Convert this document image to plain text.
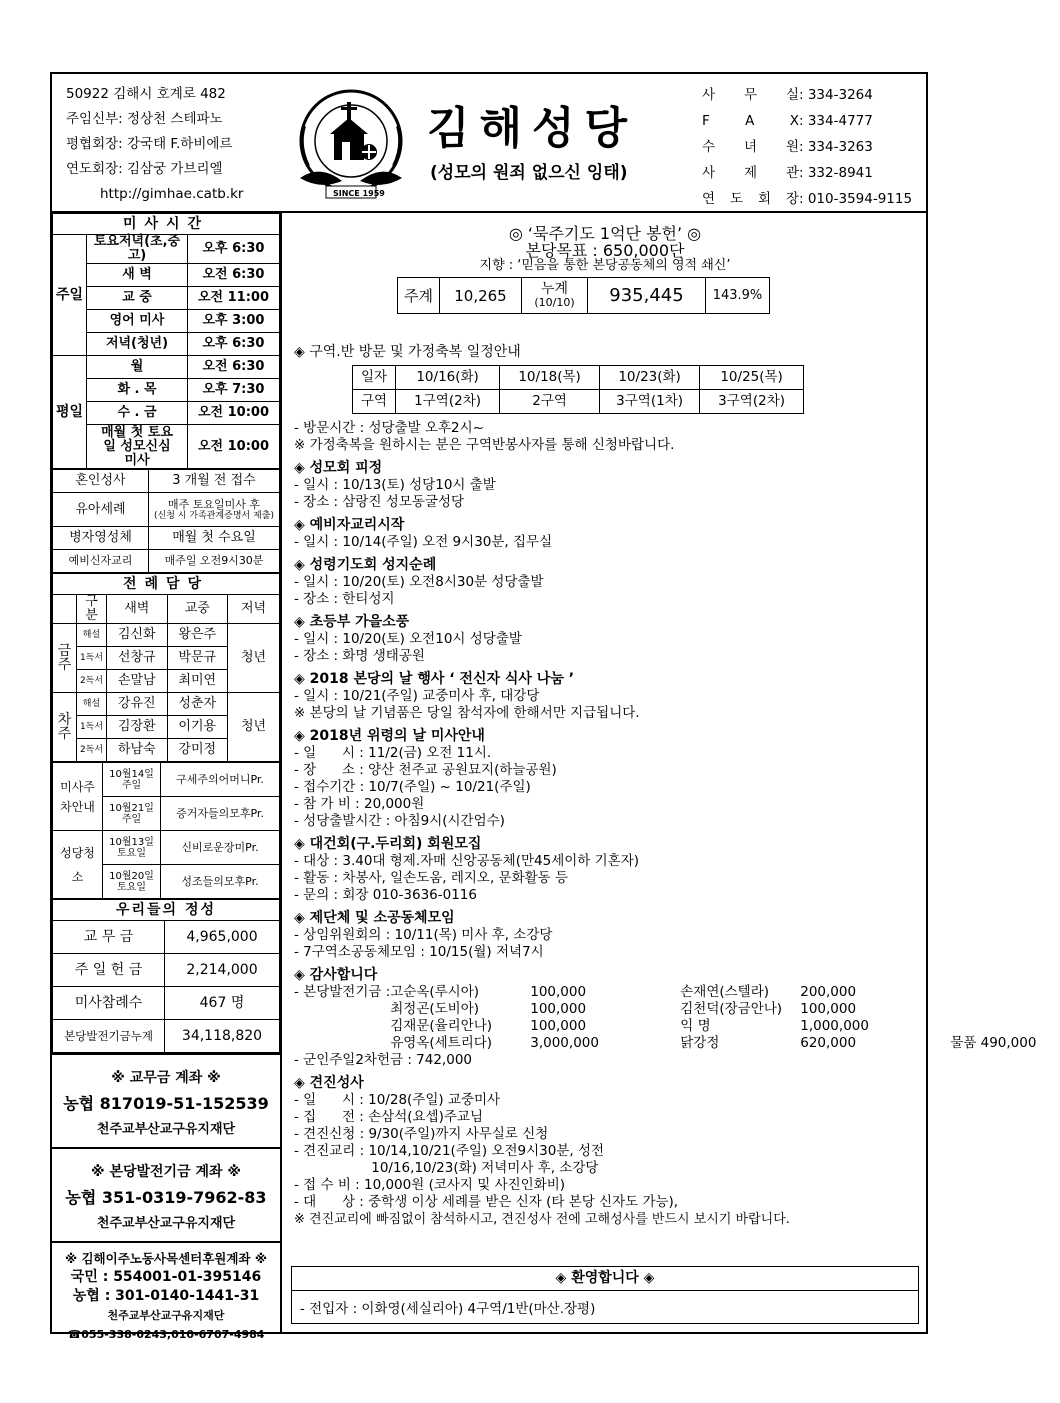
50922 김해시 호계로 482
주임신부: 정상천 스테파노
평협회장: 강국태 F.하비에르
연도회장: 김삼궁 가브리엘
http://gimhae.catb.kr	SINCE 1959
김해성당
(성모의 원죄 없으신 잉태)
사 무 실 : 334-3264
F	A	X : 334-4777
수 녀 원 : 334-3263
사 제 관 : 332-8941
연 도 회 장 : 010-3594-9115
미사시간		
주일	토요저녁(초,중고)	오후 6:30
	새 벽	오전 6:30
	교 중	오전 11:00
	영어 미사	오후 3:00
	저녁(청년)	오후 6:30
평일	월	오전 6:30
	화 . 목	오후 7:30
	수 . 금	오전 10:00
	매월 첫 토요일 성모신심미사	오전 10:00
혼인성사	3 개월 전 접수
유아세례	매주 토요일미사 후
(신청 시 가족관계증명서 제출)

병자영성체	매월 첫 수요일
예비신자교리	매주일 오전9시30분
전례담당				
	구분	새벽	교중	저녁
금주	해설	김신화	왕은주	청년
	1독서	선창규	박문규	
	2독서	손말남	최미연	
차주	해설	강유진	성춘자	청년
	1독서	김장환	이기용	
	2독서	하남숙	강미정	
미사주차안내	10월14일 주일	구세주의어머니Pr.
	10월21일 주일	증거자들의모후Pr.
성당청소	10월13일 토요일	신비로운장미Pr.
	10월20일 토요일	성조들의모후Pr.
우리들의 정성	
교 무 금	4,965,000
주 일 헌 금	2,214,000
미사참례수	467 명
본당발전기금누계	34,118,820
※ 교무금 계좌 ※
농협 817019-51-152539
천주교부산교구유지재단
※ 본당발전기금 계좌 ※
농협 351-0319-7962-83
천주교부산교구유지재단
※ 김해이주노동사목센터후원계좌 ※
국민 : 554001-01-395146
농협 : 301-0140-1441-31
천주교부산교구유지재단
☎055-338-0243,010-6707-4984
◎ ‘묵주기도 1억단 봉헌’ ◎
본당목표 : 650,000단
지향 : ‘믿음을 통한 본당공동체의 영적 쇄신’
주계	10,265	누계
(10/10)	935,445	143.9%
◈ 구역.반 방문 및 가정축복 일정안내
일자	10/16(화)	10/18(목)	10/23(화)	10/25(목)
구역	1구역(2차)	2구역	3구역(1차)	3구역(2차)
- 방문시간 : 성당출발 오후2시~
※ 가정축복을 원하시는 분은 구역반봉사자를 통해 신청바랍니다.
◈ 성모회 피정
- 일시 : 10/13(토) 성당10시 출발
- 장소 : 삼랑진 성모동굴성당
◈ 예비자교리시작
- 일시 : 10/14(주일) 오전 9시30분, 집무실
◈ 성령기도회 성지순례
- 일시 : 10/20(토) 오전8시30분 성당출발
- 장소 : 한티성지
◈ 초등부 가을소풍
- 일시 : 10/20(토) 오전10시 성당출발
- 장소 : 화명 생태공원
◈ 2018 본당의 날 행사 ‘ 전신자 식사 나눔 ’
- 일시 : 10/21(주일) 교중미사 후, 대강당
※ 본당의 날 기념품은 당일 참석자에 한해서만 지급됩니다.
◈ 2018년 위령의 날 미사안내
- 일      시 : 11/2(금) 오전 11시.
- 장      소 : 양산 천주교 공원묘지(하늘공원)
- 접수기간 : 10/7(주일) ~ 10/21(주일)
- 참 가 비 : 20,000원
- 성당출발시간 : 아침9시(시간엄수)
◈ 대건회(구.두리회) 회원모집
- 대상 : 3.40대 형제.자매 신앙공동체(만45세이하 기혼자)
- 활동 : 차봉사, 일손도움, 레지오, 문화활동 등
- 문의 : 회장 010-3636-0116
◈ 제단체 및 소공동체모임
- 상임위원회의 : 10/11(목) 미사 후, 소강당
- 7구역소공동체모임 : 10/15(월) 저녁7시
◈ 감사합니다
- 본당발전기금 : 고순옥(루시아)	100,000	손재연(스텔라)	200,000
최정곤(도비아)	100,000	김천덕(장금안나)	100,000
김재문(율리안나)	100,000	익 명	1,000,000
유영옥(세트리다)	3,000,000	닭강정	620,000	물품 490,000
- 군인주일2차헌금 : 742,000
◈ 견진성사
- 일      시 : 10/28(주일) 교중미사
- 집      전 : 손삼석(요셉)주교님
- 견진신청 : 9/30(주일)까지 사무실로 신청
- 견진교리 : 10/14,10/21(주일) 오전9시30분, 성전
10/16,10/23(화) 저녁미사 후, 소강당
- 접 수 비 : 10,000원 (코사지 및 사진인화비)
- 대      상 : 중학생 이상 세례를 받은 신자 (타 본당 신자도 가능),
※ 견진교리에 빠짐없이 참석하시고, 견진성사 전에 고해성사를 반드시 보시기 바랍니다.
◈ 환영합니다 ◈
- 전입자 : 이화영(세실리아) 4구역/1반(마산.장평)
